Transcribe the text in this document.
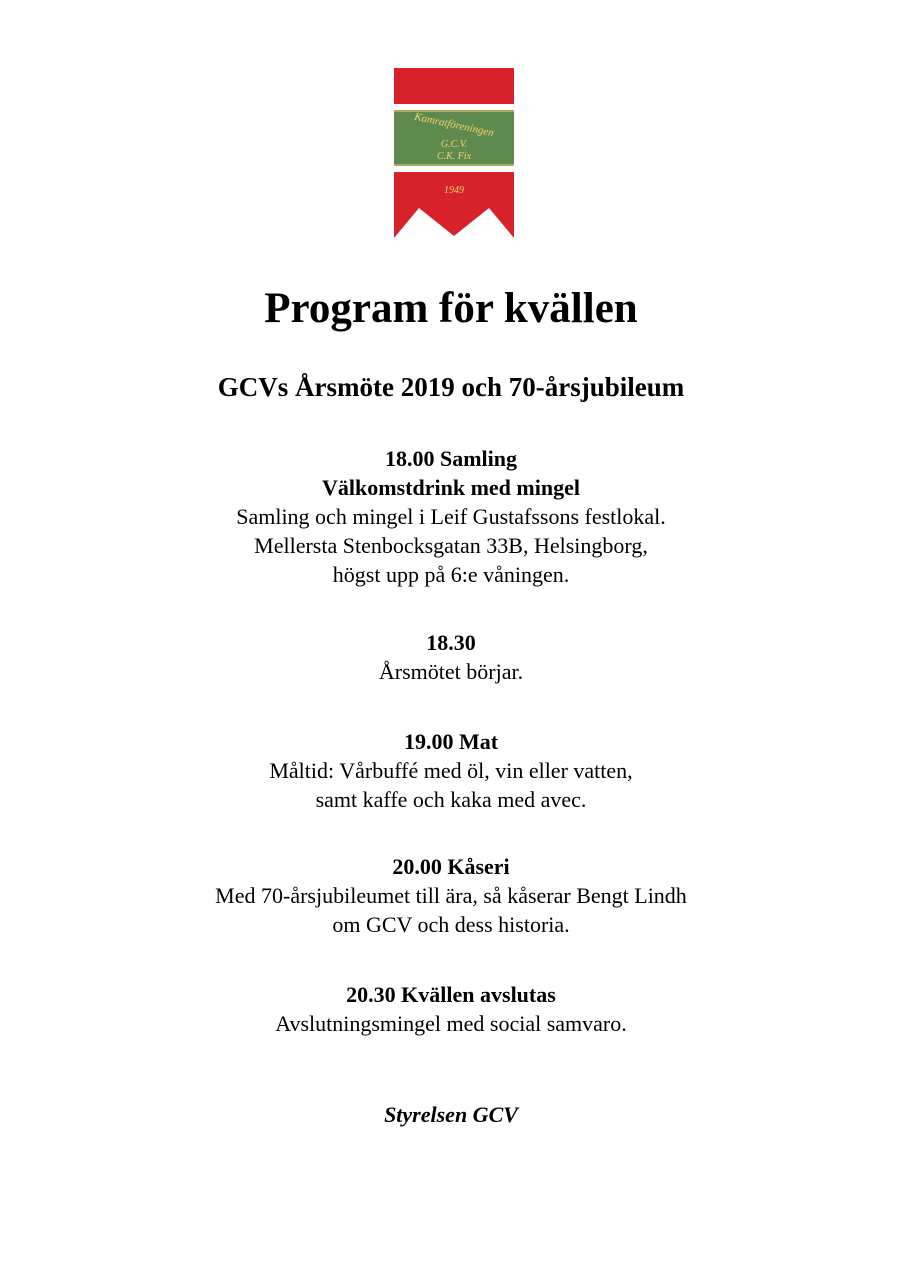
Kamratföreningen
G.C.V.
C.K. Fix
1949
Program för kvällen
GCVs Årsmöte 2019 och 70-årsjubileum
18.00 Samling
Välkomstdrink med mingel
Samling och mingel i Leif Gustafssons festlokal.
Mellersta Stenbocksgatan 33B, Helsingborg,
högst upp på 6:e våningen.
18.30
Årsmötet börjar.
19.00 Mat
Måltid: Vårbuffé med öl, vin eller vatten,
samt kaffe och kaka med avec.
20.00 Kåseri
Med 70-årsjubileumet till ära, så kåserar Bengt Lindh
om GCV och dess historia.
20.30 Kvällen avslutas
Avslutningsmingel med social samvaro.
Styrelsen GCV
